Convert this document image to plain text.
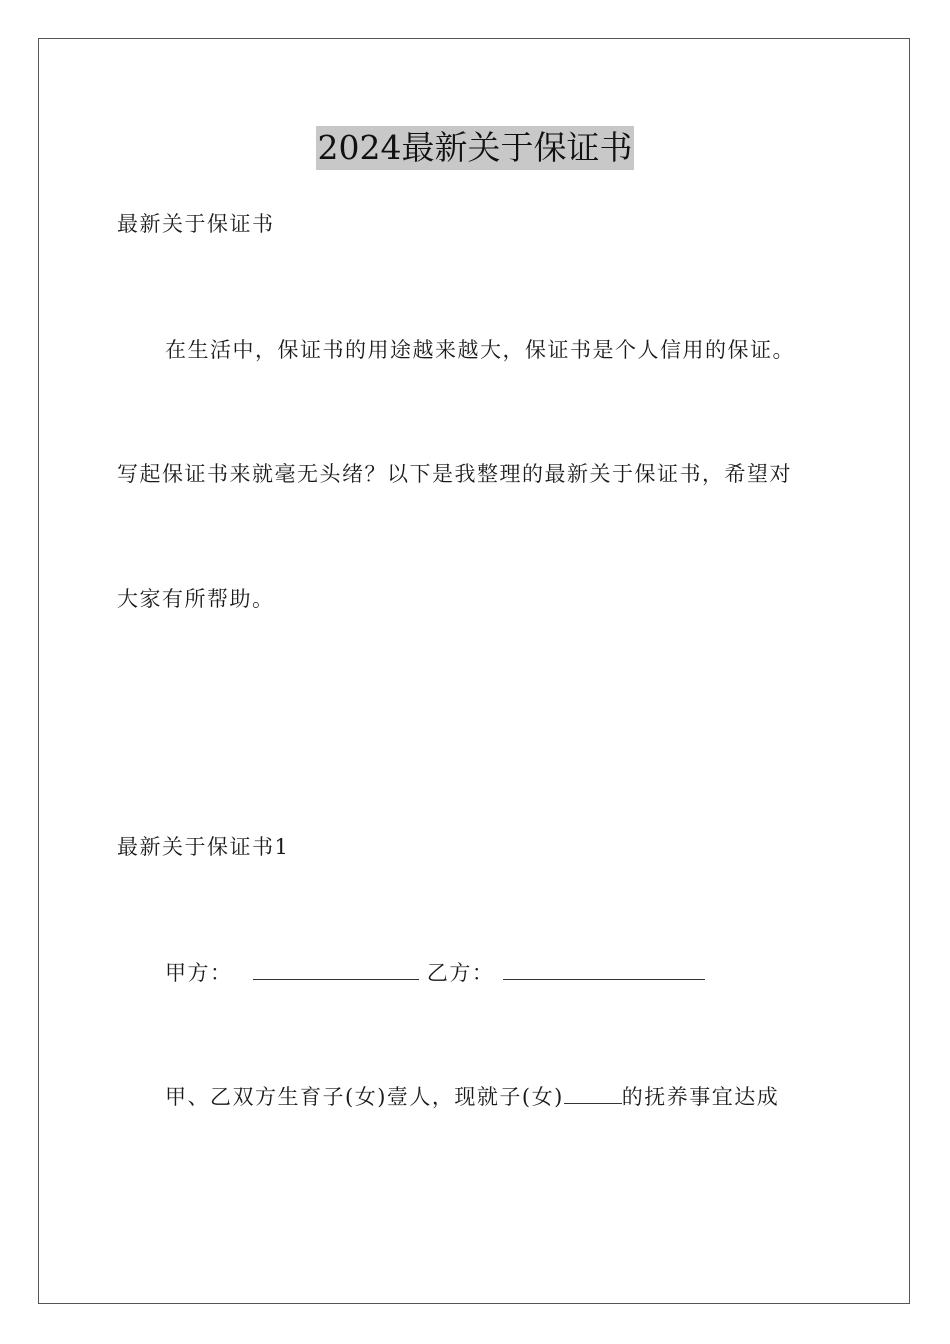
2024最新关于保证书
最新关于保证书
在生活中，保证书的用途越来越大，保证书是个人信用的保证。
写起保证书来就毫无头绪？以下是我整理的最新关于保证书，希望对
大家有所帮助。
最新关于保证书1
甲方：	乙方：
甲、乙双方生育子(女)壹人，现就子(女)	的抚养事宜达成
